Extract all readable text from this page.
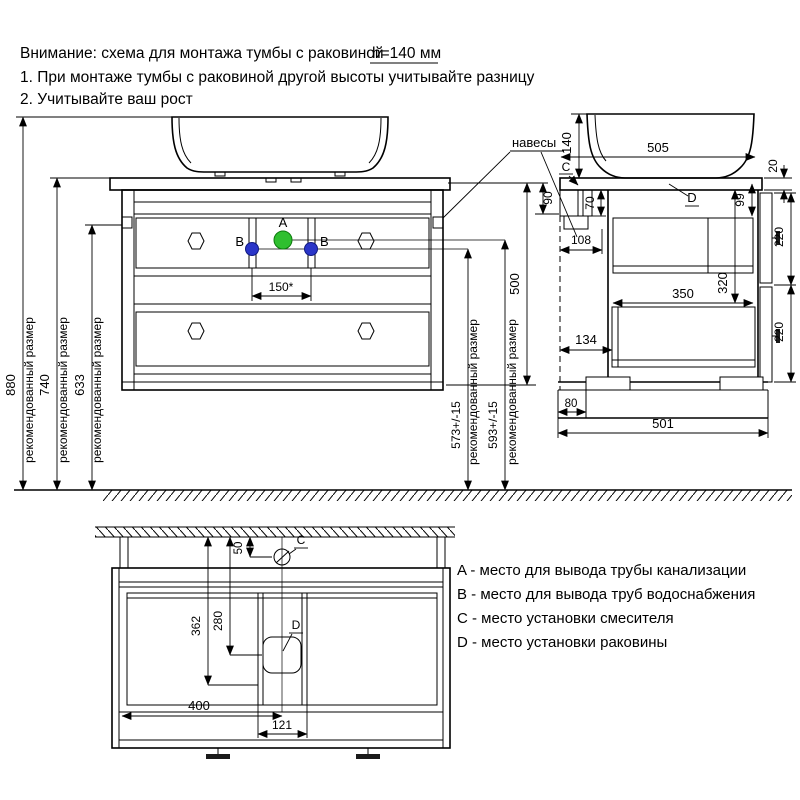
Внимание: схема для монтажа тумбы с раковиной
h=140 мм
1. При монтаже тумбы с раковиной другой высоты учитывайте разницу
2. Учитывайте ваш рост
A
B	B
150*
880 рекомендованный размер 740 рекомендованный размер 633 рекомендованный размер	573+/-15 рекомендованный размер 593+/-15 рекомендованный размер
500
90
навесы
C
140	505
20
70
108
D	99
350 320
134
220
220
80
501
C
50
D
362 280
400
121
A - место для вывода трубы канализации
B - место для вывода труб водоснабжения
C - место установки смесителя
D - место установки раковины
